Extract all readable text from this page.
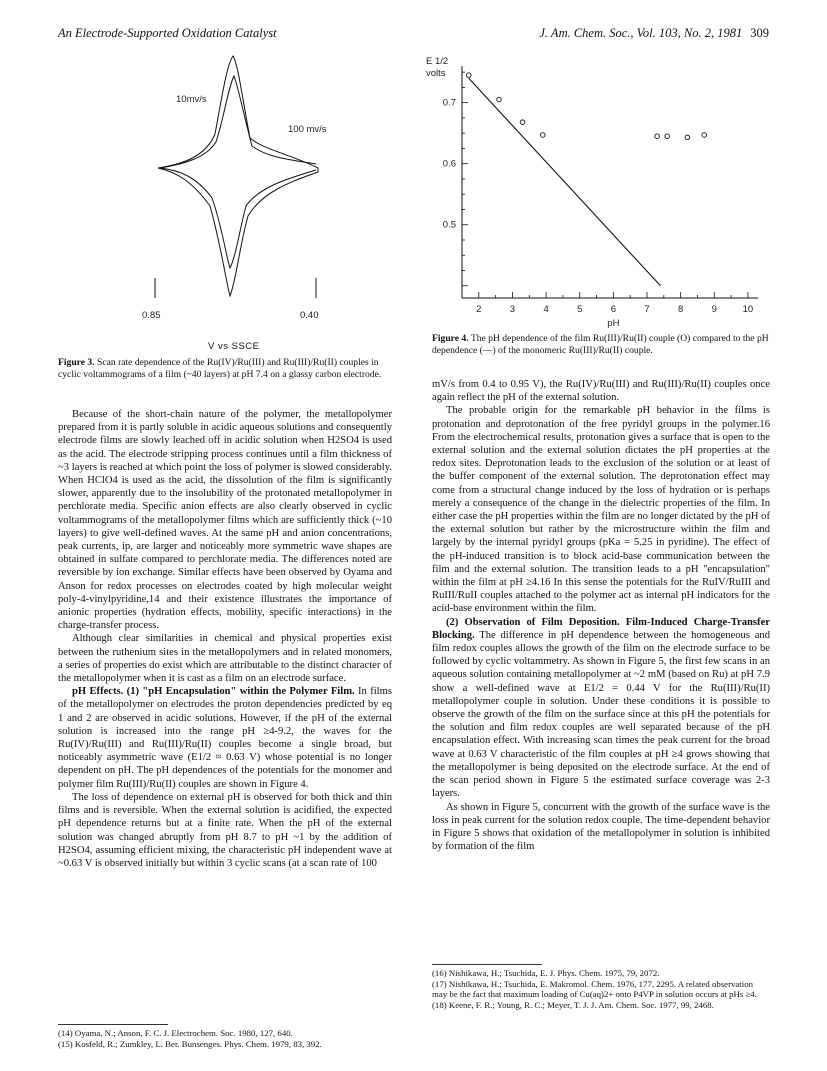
An Electrode-Supported Oxidation Catalyst	J. Am. Chem. Soc., Vol. 103, No. 2, 1981 309
10mv/s
100 mv/s
0.85	0.40
V vs SSCE
Figure 3. Scan rate dependence of the Ru(IV)/Ru(III) and Ru(III)/Ru(II) couples in cyclic voltammograms of a film (~40 layers) at pH 7.4 on a glassy carbon electrode.
2	3	4	5	6	7	8	9	10
0.7
0.6
0.5
E 1/2
volts
pH
Figure 4. The pH dependence of the film Ru(III)/Ru(II) couple (O) compared to the pH dependence (—) of the monomeric Ru(III)/Ru(II) couple.

Because of the short-chain nature of the polymer, the metallopolymer prepared from it is partly soluble in acidic aqueous solutions and consequently electrode films are slowly leached off in acidic solution when H2SO4 is used as the acid. The electrode stripping process continues until a film thickness of ~3 layers is reached at which point the loss of polymer is slowed considerably. When HClO4 is used as the acid, the dissolution of the film is significantly slower, apparently due to the insolubility of the protonated metallopolymer in perchlorate media. Specific anion effects are also clearly observed in cyclic voltammograms of the metallopolymer films which are sufficiently thick (~10 layers) to give well-defined waves. At the same pH and anion concentrations, peak currents, ip, are larger and noticeably more symmetric wave shapes are obtained in sulfate compared to perchlorate media. The differences noted are reversible by ion exchange. Similar effects have been observed by Oyama and Anson for redox processes on electrodes coated by high molecular weight poly-4-vinylpyridine,14 and their existence illustrates the importance of anionic properties (hydration effects, mobility, specific interactions) in the charge-transfer process.

Although clear similarities in chemical and physical properties exist between the ruthenium sites in the metallopolymers and in related monomers, a series of properties do exist which are attributable to the distinct character of the metallopolymer when it is cast as a film on an electrode surface.

pH Effects. (1) "pH Encapsulation" within the Polymer Film. In films of the metallopolymer on electrodes the proton dependencies predicted by eq 1 and 2 are observed in acidic solutions. However, if the pH of the external solution is increased into the range pH ≥4-9.2, the waves for the Ru(IV)/Ru(III) and Ru(III)/Ru(II) couples become a single broad, but noticeably asymmetric wave (E1/2 ≈ 0.63 V) whose potential is no longer dependent on pH. The pH dependences of the potentials for the monomer and polymer film Ru(III)/Ru(II) couples are shown in Figure 4.

The loss of dependence on external pH is observed for both thick and thin films and is reversible. When the external solution is acidified, the expected pH dependence returns but at a finite rate. When the pH of the external solution was changed abruptly from pH 8.7 to pH ~1 by the addition of H2SO4, assuming efficient mixing, the characteristic pH independent wave at ~0.63 V is observed initially but within 3 cyclic scans (at a scan rate of 100

(14) Oyama, N.; Anson, F. C. J. Electrochem. Soc. 1980, 127, 640.

(15) Kosfeld, R.; Zumkley, L. Ber. Bunsenges. Phys. Chem. 1979, 83, 392.

mV/s from 0.4 to 0.95 V), the Ru(IV)/Ru(III) and Ru(III)/Ru(II) couples once again reflect the pH of the external solution.

The probable origin for the remarkable pH behavior in the films is protonation and deprotonation of the free pyridyl groups in the polymer.16 From the electrochemical results, protonation gives a surface that is open to the external solution and the external solution dictates the pH properties at the redox sites. Deprotonation leads to the exclusion of the solution or at least of the buffer component of the external solution. The deprotonation effect may come from a structural change induced by the loss of hydration or is perhaps merely a consequence of the change in the dielectric properties of the film. In either case the pH properties within the film are no longer dictated by the pH of the external solution but rather by the microstructure within the film and largely by the internal pyridyl groups (pKa = 5.25 in pyridine). The effect of the pH-induced transition is to block acid-base communication between the film and the external solution. The transition leads to a pH "encapsulation" within the film at pH ≥4.16 In this sense the potentials for the RuIV/RuIII and RuIII/RuII couples attached to the polymer act as internal pH indicators for the acid-base environment within the film.

(2) Observation of Film Deposition. Film-Induced Charge-Transfer Blocking. The difference in pH dependence between the homogeneous and film redox couples allows the growth of the film on the electrode surface to be followed by cyclic voltammetry. As shown in Figure 5, the first few scans in an aqueous solution containing metallopolymer at ~2 mM (based on Ru) at pH 7.9 show a well-defined wave at E1/2 = 0.44 V for the Ru(III)/Ru(II) metallopolymer couple in solution. Under these conditions it is possible to observe the growth of the film on the surface since at this pH the potentials for the solution and film redox couples are well separated because of the pH encapsulation effect. With increasing scan times the peak current for the broad wave at 0.63 V characteristic of the film couples at pH ≥4 grows showing that the metallopolymer is being deposited on the electrode surface. At the end of the scan period shown in Figure 5 the estimated surface coverage was 2-3 layers.

As shown in Figure 5, concurrent with the growth of the surface wave is the loss in peak current for the solution redox couple. The time-dependent behavior in Figure 5 shows that oxidation of the metallopolymer in solution is inhibited by formation of the film

(16) Nishikawa, H.; Tsuchida, E. J. Phys. Chem. 1975, 79, 2072.

(17) Nishikawa, H.; Tsuchida, E. Makromol. Chem. 1976, 177, 2295. A related observation may be the fact that maximum loading of Cu(aq)2+ onto P4VP in solution occurs at pHs ≥4.

(18) Keene, F. R.; Young, R. C.; Meyer, T. J. J. Am. Chem. Soc. 1977, 99, 2468.
